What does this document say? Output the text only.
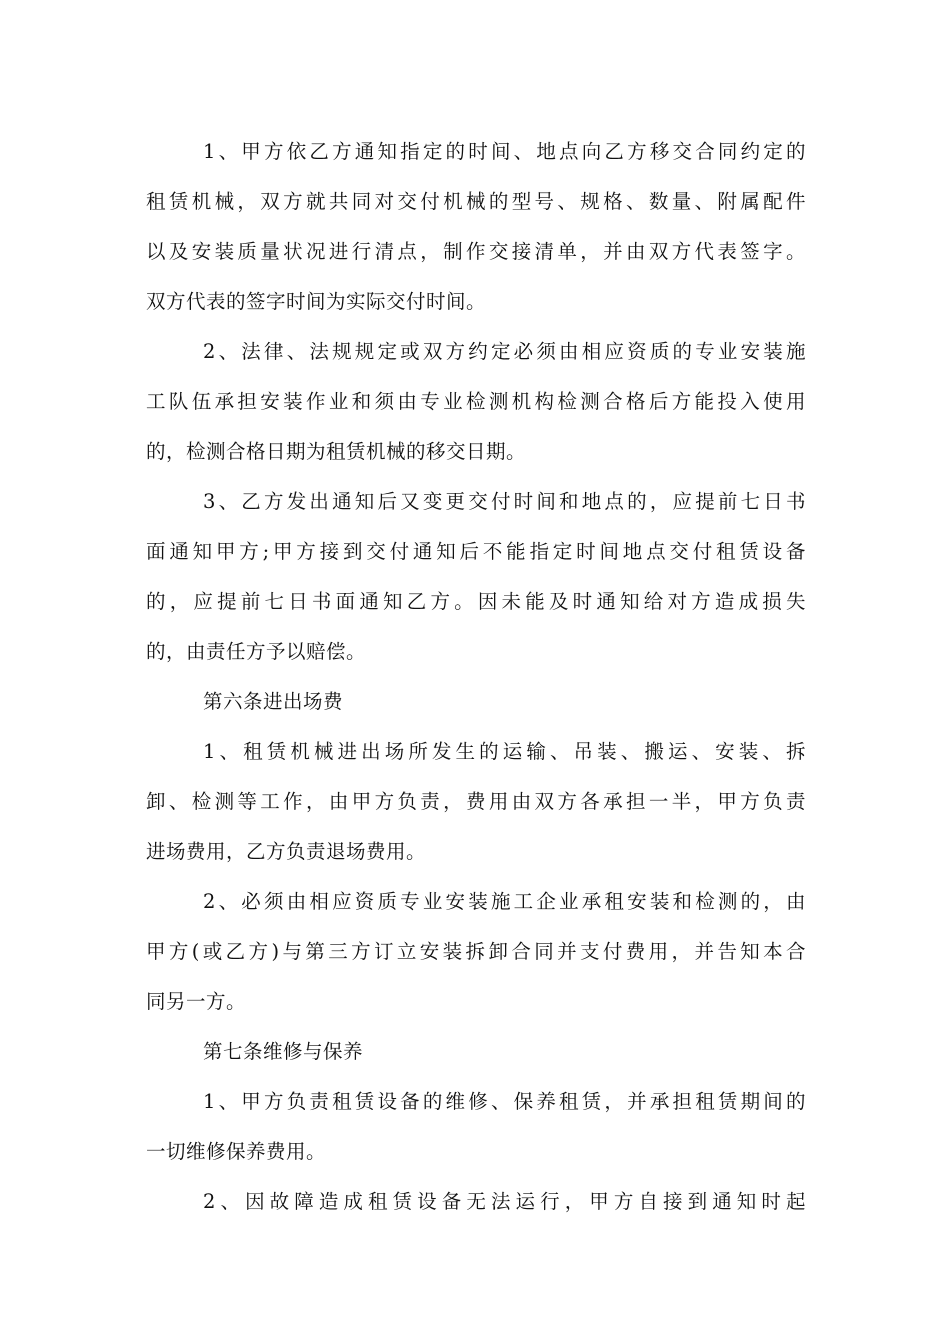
1、甲方依乙方通知指定的时间、地点向乙方移交合同约定的
租赁机械，双方就共同对交付机械的型号、规格、数量、附属配件
以及安装质量状况进行清点，制作交接清单，并由双方代表签字。
双方代表的签字时间为实际交付时间。
2、法律、法规规定或双方约定必须由相应资质的专业安装施
工队伍承担安装作业和须由专业检测机构检测合格后方能投入使用
的，检测合格日期为租赁机械的移交日期。
3、乙方发出通知后又变更交付时间和地点的，应提前七日书
面通知甲方;甲方接到交付通知后不能指定时间地点交付租赁设备
的，应提前七日书面通知乙方。因未能及时通知给对方造成损失
的，由责任方予以赔偿。
第六条进出场费
1、租赁机械进出场所发生的运输、吊装、搬运、安装、拆
卸、检测等工作，由甲方负责，费用由双方各承担一半，甲方负责
进场费用，乙方负责退场费用。
2、必须由相应资质专业安装施工企业承租安装和检测的，由
甲方(或乙方)与第三方订立安装拆卸合同并支付费用，并告知本合
同另一方。
第七条维修与保养
1、甲方负责租赁设备的维修、保养租赁，并承担租赁期间的
一切维修保养费用。
2、因故障造成租赁设备无法运行，甲方自接到通知时起
